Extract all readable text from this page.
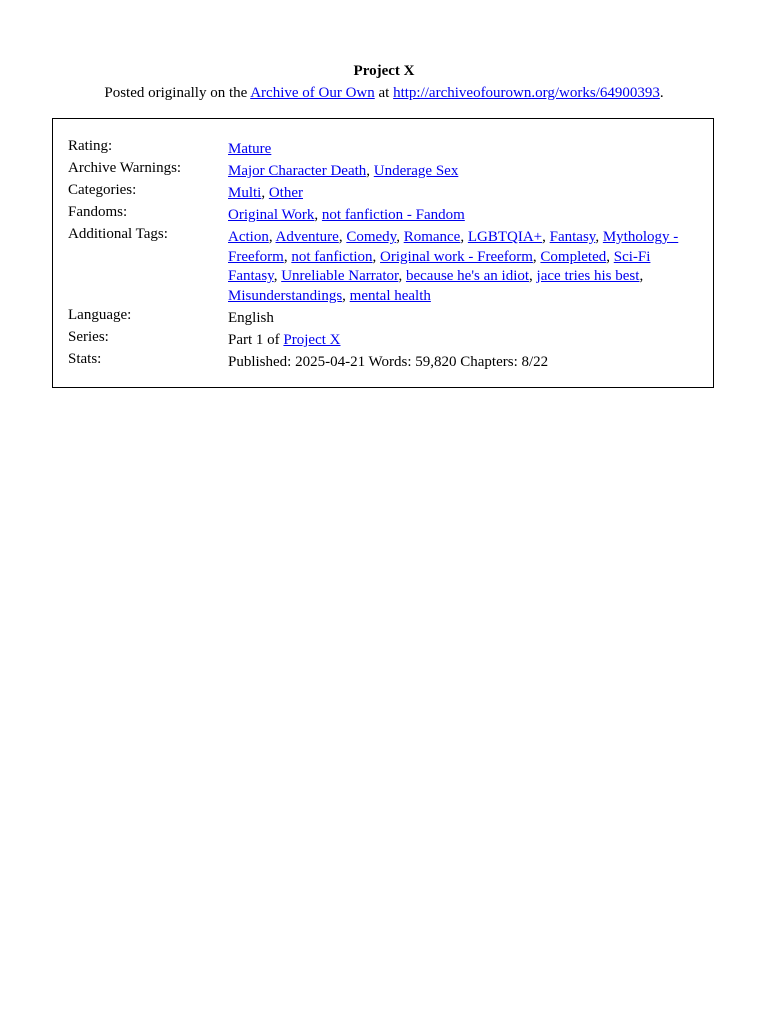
Project X

Posted originally on the Archive of Our Own at http://archiveofourown.org/works/64900393.

Rating:	Mature
Archive Warnings:	Major Character Death, Underage Sex
Categories:	Multi, Other
Fandoms:	Original Work, not fanfiction - Fandom
Additional Tags:	Action, Adventure, Comedy, Romance, LGBTQIA+, Fantasy, Mythology - Freeform, not fanfiction, Original work - Freeform, Completed, Sci-Fi Fantasy, Unreliable Narrator, because he's an idiot, jace tries his best, Misunderstandings, mental health
Language:	English
Series:	Part 1 of Project X
Stats:	Published: 2025-04-21 Words: 59,820 Chapters: 8/22
